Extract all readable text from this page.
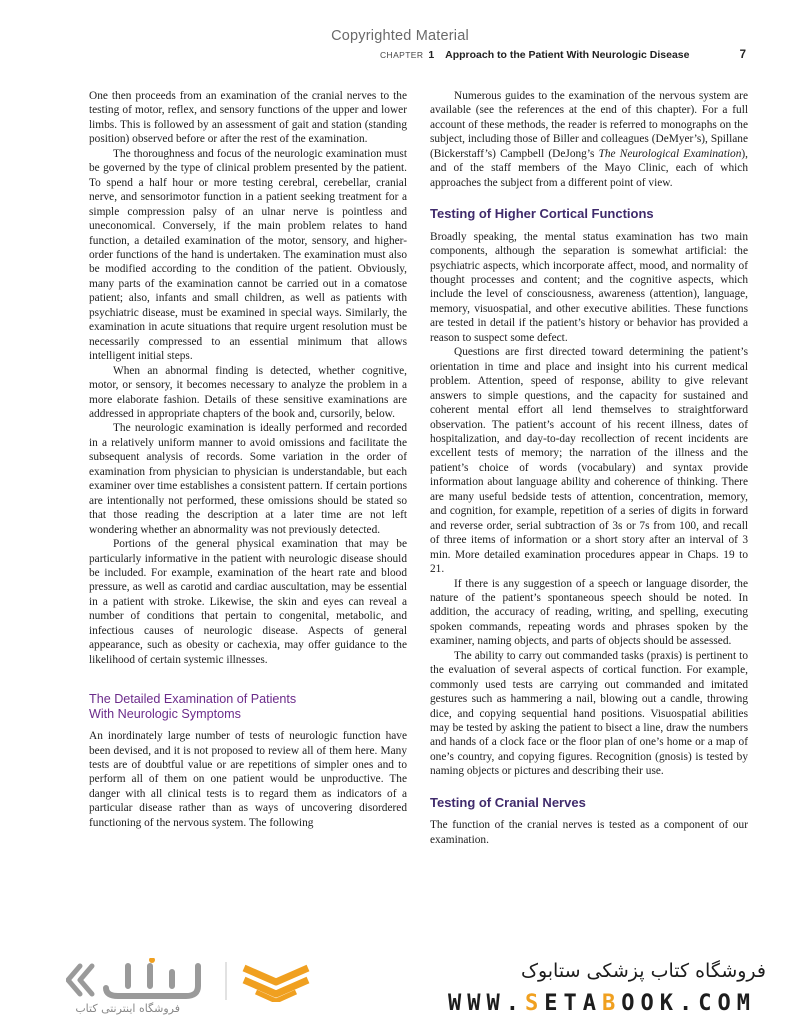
Copyrighted Material
CHAPTER 1 Approach to the Patient With Neurologic Disease	7

One then proceeds from an examination of the cranial nerves to the testing of motor, reflex, and sensory functions of the upper and lower limbs. This is followed by an assessment of gait and station (standing position) observed before or after the rest of the examination.

The thoroughness and focus of the neurologic examination must be governed by the type of clinical problem presented by the patient. To spend a half hour or more testing cerebral, cerebellar, cranial nerve, and sensorimotor function in a patient seeking treatment for a simple compression palsy of an ulnar nerve is pointless and uneconomical. Conversely, if the main problem relates to hand function, a detailed examination of the motor, sensory, and higher-order functions of the hand is undertaken. The examination must also be modified according to the condition of the patient. Obviously, many parts of the examination cannot be carried out in a comatose patient; also, infants and small children, as well as patients with psychiatric disease, must be examined in special ways. Similarly, the examination in acute situations that require urgent resolution must be necessarily compressed to an essential minimum that allows intelligent initial steps.

When an abnormal finding is detected, whether cognitive, motor, or sensory, it becomes necessary to analyze the problem in a more elaborate fashion. Details of these sensitive examinations are addressed in appropriate chapters of the book and, cursorily, below.

The neurologic examination is ideally performed and recorded in a relatively uniform manner to avoid omissions and facilitate the subsequent analysis of records. Some variation in the order of examination from physician to physician is understandable, but each examiner over time establishes a consistent pattern. If certain portions are intentionally not performed, these omissions should be stated so that those reading the description at a later time are not left wondering whether an abnormality was not previously detected.

Portions of the general physical examination that may be particularly informative in the patient with neurologic disease should be included. For example, examination of the heart rate and blood pressure, as well as carotid and cardiac auscultation, may be essential in a patient with stroke. Likewise, the skin and eyes can reveal a number of conditions that pertain to congenital, metabolic, and infectious causes of neurologic disease. Aspects of general appearance, such as obesity or cachexia, may offer guidance to the likelihood of certain systemic illnesses.

The Detailed Examination of Patients
With Neurologic Symptoms

An inordinately large number of tests of neurologic function have been devised, and it is not proposed to review all of them here. Many tests are of doubtful value or are repetitions of simpler ones and to perform all of them on one patient would be unproductive. The danger with all clinical tests is to regard them as indicators of a particular disease rather than as ways of uncovering disordered functioning of the nervous system. The following

Numerous guides to the examination of the nervous system are available (see the references at the end of this chapter). For a full account of these methods, the reader is referred to monographs on the subject, including those of Biller and colleagues (DeMyer’s), Spillane (Bickerstaff’s) Campbell (DeJong’s The Neurological Examination), and of the staff members of the Mayo Clinic, each of which approaches the subject from a different point of view.

Testing of Higher Cortical Functions

Broadly speaking, the mental status examination has two main components, although the separation is somewhat artificial: the psychiatric aspects, which incorporate affect, mood, and normality of thought processes and content; and the cognitive aspects, which include the level of consciousness, awareness (attention), language, memory, visuospatial, and other executive abilities. These functions are tested in detail if the patient’s history or behavior has provided a reason to suspect some defect.

Questions are first directed toward determining the patient’s orientation in time and place and insight into his current medical problem. Attention, speed of response, ability to give relevant answers to simple questions, and the capacity for sustained and coherent mental effort all lend themselves to straightforward observation. The patient’s account of his recent illness, dates of hospitalization, and day-to-day recollection of recent incidents are excellent tests of memory; the narration of the illness and the patient’s choice of words (vocabulary) and syntax provide information about language ability and coherence of thinking. There are many useful bedside tests of attention, concentration, memory, and cognition, for example, repetition of a series of digits in forward and reverse order, serial subtraction of 3s or 7s from 100, and recall of three items of information or a short story after an interval of 3 min. More detailed examination procedures appear in Chaps. 19 to 21.

If there is any suggestion of a speech or language disorder, the nature of the patient’s spontaneous speech should be noted. In addition, the accuracy of reading, writing, and spelling, executing spoken commands, repeating words and phrases spoken by the examiner, naming objects, and parts of objects should be assessed.

The ability to carry out commanded tasks (praxis) is pertinent to the evaluation of several aspects of cortical function. For example, commonly used tests are carrying out commanded and imitated gestures such as hammering a nail, blowing out a candle, throwing dice, and copying sequential hand positions. Visuospatial abilities may be tested by asking the patient to bisect a line, draw the numbers and hands of a clock face or the floor plan of one’s home or a map of one’s country, and copying figures. Recognition (gnosis) is tested by naming objects or pictures and describing their use.

Testing of Cranial Nerves

The function of the cranial nerves is tested as a component of our examination.

فروشگاه اینترنتی کتاب
فروشگاه کتاب پزشکی ستابوک
WWW.SETABOOK.COM
